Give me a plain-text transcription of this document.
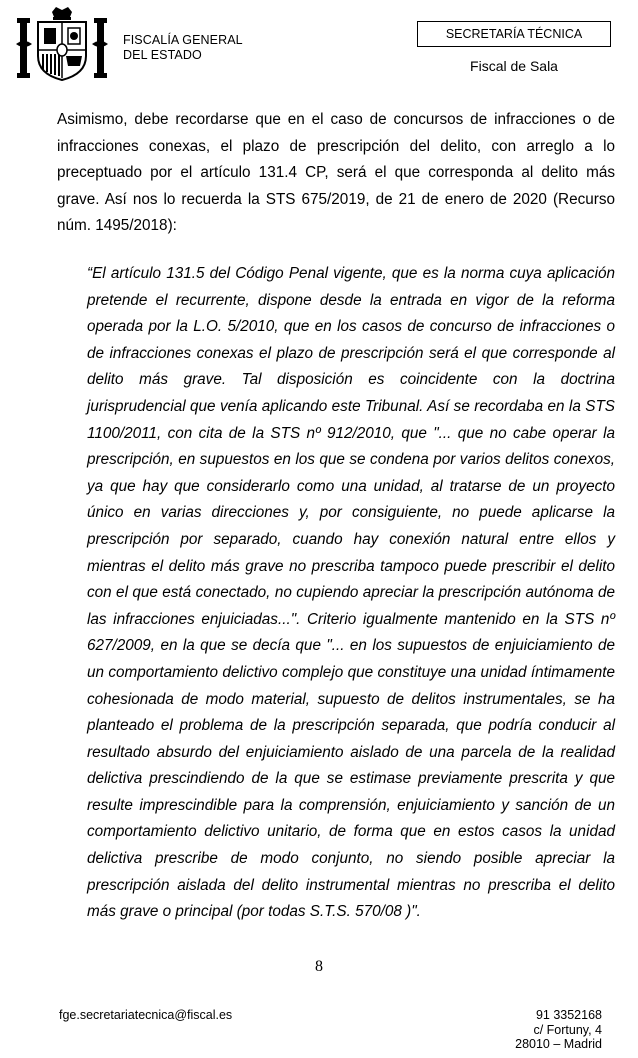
FISCALÍA GENERAL
DEL ESTADO
SECRETARÍA TÉCNICA
Fiscal de Sala
Asimismo, debe recordarse que en el caso de concursos de infracciones o de infracciones conexas, el plazo de prescripción del delito, con arreglo a lo preceptuado por el artículo 131.4 CP, será el que corresponda al delito más grave. Así nos lo recuerda la STS 675/2019, de 21 de enero de 2020 (Recurso núm. 1495/2018):
“El artículo 131.5 del Código Penal vigente, que es la norma cuya aplicación pretende el recurrente, dispone desde la entrada en vigor de la reforma operada por la L.O. 5/2010, que en los casos de concurso de infracciones o de infracciones conexas el plazo de prescripción será el que corresponde al delito más grave. Tal disposición es coincidente con la doctrina jurisprudencial que venía aplicando este Tribunal. Así se recordaba en la STS 1100/2011, con cita de la STS nº 912/2010, que "... que no cabe operar la prescripción, en supuestos en los que se condena por varios delitos conexos, ya que hay que considerarlo como una unidad, al tratarse de un proyecto único en varias direcciones y, por consiguiente, no puede aplicarse la prescripción por separado, cuando hay conexión natural entre ellos y mientras el delito más grave no prescriba tampoco puede prescribir el delito con el que está conectado, no cupiendo apreciar la prescripción autónoma de las infracciones enjuiciadas...". Criterio igualmente mantenido en la STS nº 627/2009, en la que se decía que "... en los supuestos de enjuiciamiento de un comportamiento delictivo complejo que constituye una unidad íntimamente cohesionada de modo material, supuesto de delitos instrumentales, se ha planteado el problema de la prescripción separada, que podría conducir al resultado absurdo del enjuiciamiento aislado de una parcela de la realidad delictiva prescindiendo de la que se estimase previamente prescrita y que resulte imprescindible para la comprensión, enjuiciamiento y sanción de un comportamiento delictivo unitario, de forma que en estos casos la unidad delictiva prescribe de modo conjunto, no siendo posible apreciar la prescripción aislada del delito instrumental mientras no prescriba el delito más grave o principal (por todas S.T.S. 570/08 )".
8
fge.secretariatecnica@fiscal.es	91 3352168
c/ Fortuny, 4
28010 – Madrid
